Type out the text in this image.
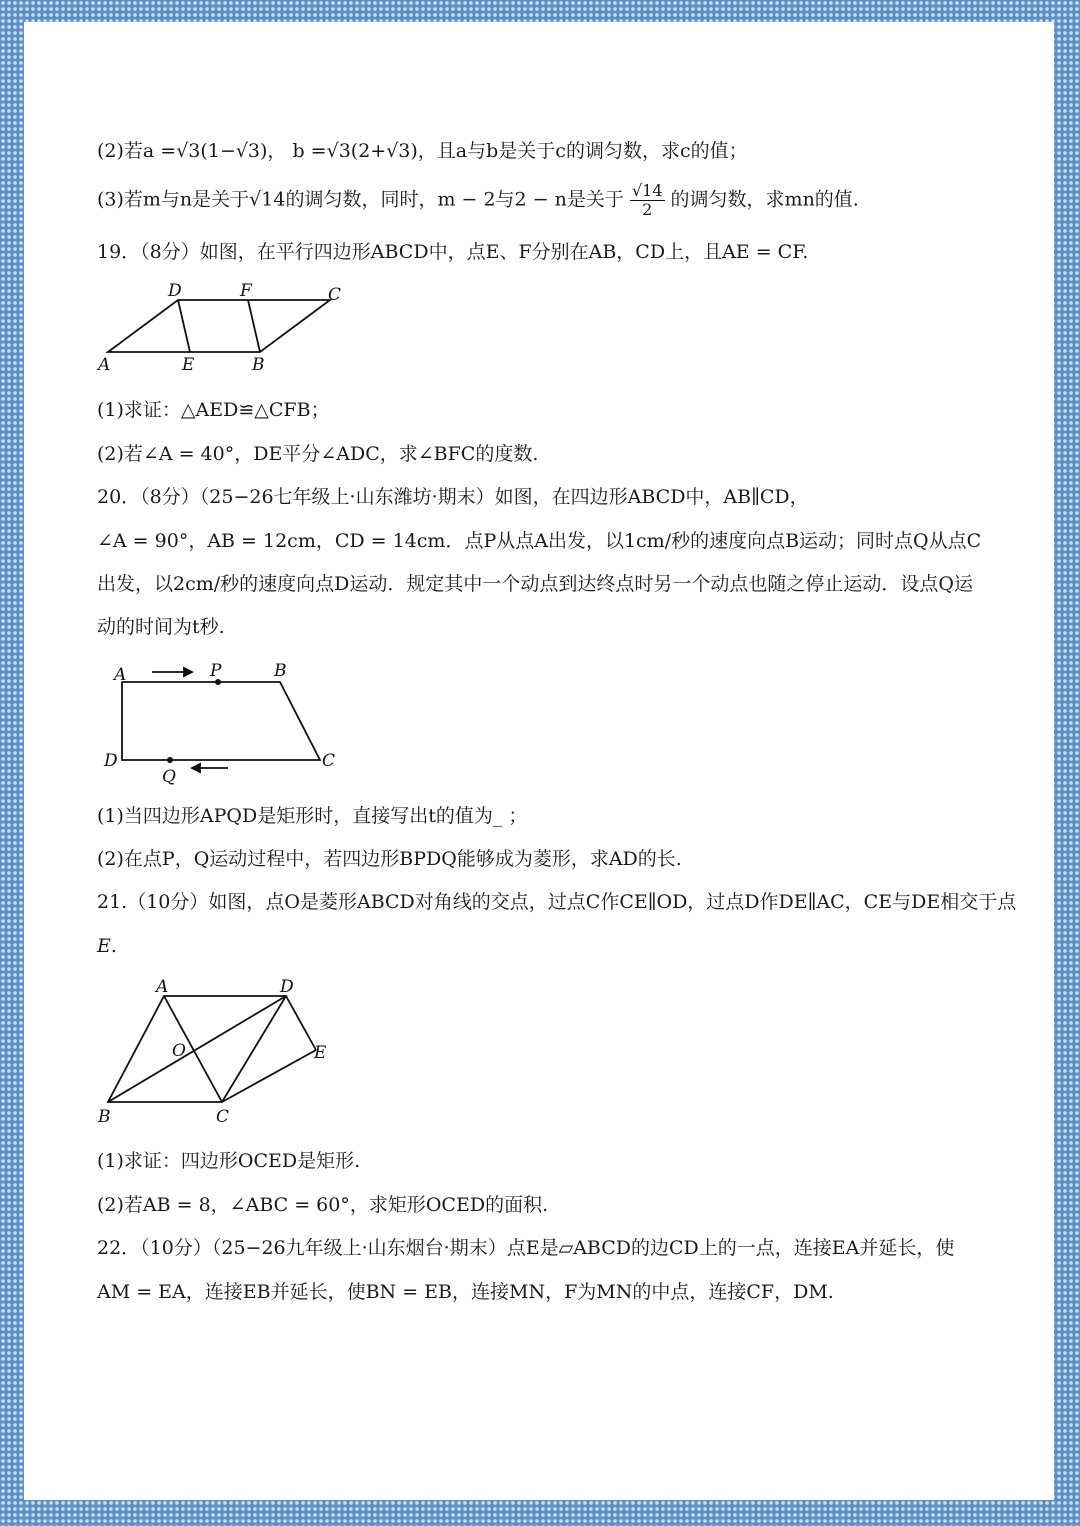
(2)若a =√3(1−√3)， b =√3(2+√3)，且a与b是关于c的调匀数，求c的值；
(3)若m与n是关于√14的调匀数，同时，m − 2与2 − n是关于 $\frac{√14}{2}$ 的调匀数，求mn的值.
19．（8分）如图，在平行四边形ABCD中，点E、F分别在AB，CD上，且AE = CF.
A	E	B
D	F	C
(1)求证：△AED≌△CFB；
(2)若∠A = 40°，DE平分∠ADC，求∠BFC的度数.
20．（8分）（25−26七年级上·山东潍坊·期末）如图，在四边形ABCD中，AB∥CD，
∠A = 90°，AB = 12cm，CD = 14cm．点P从点A出发，以1cm/秒的速度向点B运动；同时点Q从点C
出发，以2cm/秒的速度向点D运动．规定其中一个动点到达终点时另一个动点也随之停止运动．设点Q运
动的时间为t秒.
A	P	B
D
Q
C
(1)当四边形APQD是矩形时，直接写出t的值为_ ；
(2)在点P，Q运动过程中，若四边形BPDQ能够成为菱形，求AD的长.
21.（10分）如图，点O是菱形ABCD对角线的交点，过点C作CE∥OD，过点D作DE∥AC，CE与DE相交于点
E.
A	D
O	E
B	C
(1)求证：四边形OCED是矩形.
(2)若AB = 8，∠ABC = 60°，求矩形OCED的面积.
22．（10分）（25−26九年级上·山东烟台·期末）点E是▱ABCD的边CD上的一点，连接EA并延长，使
AM = EA，连接EB并延长，使BN = EB，连接MN，F为MN的中点，连接CF，DM.
